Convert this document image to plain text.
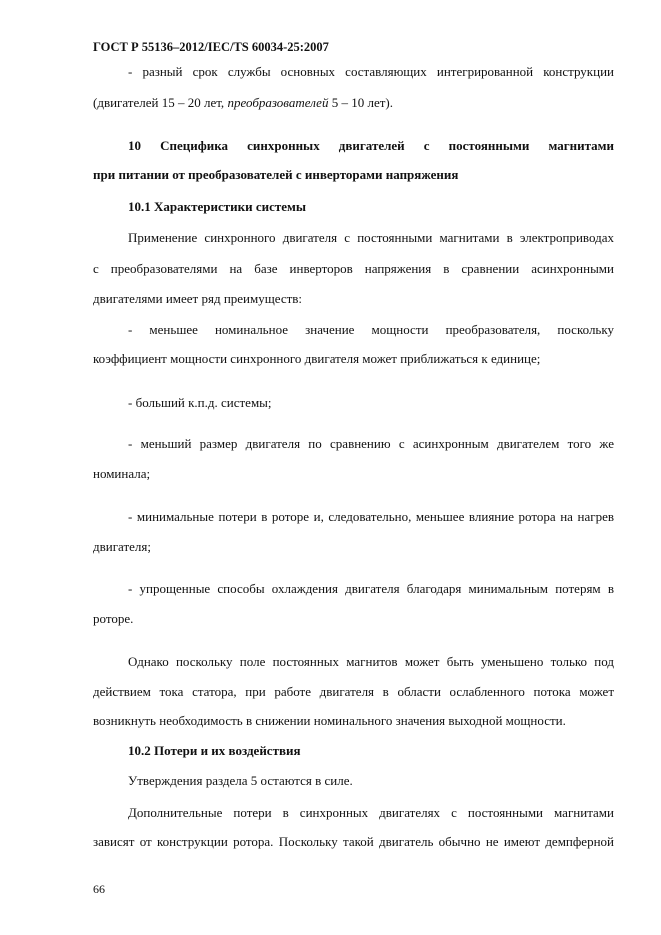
ГОСТ Р 55136–2012/IEC/TS 60034-25:2007
- разный срок службы основных составляющих интегрированной конструкции
(двигателей 15 – 20 лет, преобразователей 5 – 10 лет).
10 Специфика синхронных двигателей с постоянными магнитами
при питании от преобразователей с инверторами напряжения
10.1 Характеристики системы
Применение синхронного двигателя с постоянными магнитами в электроприводах
с преобразователями на базе инверторов напряжения в сравнении асинхронными
двигателями имеет ряд преимуществ:
- меньшее номинальное значение мощности преобразователя, поскольку
коэффициент мощности синхронного двигателя может приближаться к единице;
- больший к.п.д. системы;
- меньший размер двигателя по сравнению с асинхронным двигателем того же
номинала;
- минимальные потери в роторе и, следовательно, меньшее влияние ротора на нагрев
двигателя;
- упрощенные способы охлаждения двигателя благодаря минимальным потерям в
роторе.
Однако поскольку поле постоянных магнитов может быть уменьшено только под
действием тока статора, при работе двигателя в области ослабленного потока может
возникнуть необходимость в снижении номинального значения выходной мощности.
10.2 Потери и их воздействия
Утверждения раздела 5 остаются в силе.
Дополнительные потери в синхронных двигателях с постоянными магнитами
зависят от конструкции ротора. Поскольку такой двигатель обычно не имеют демпферной
66
